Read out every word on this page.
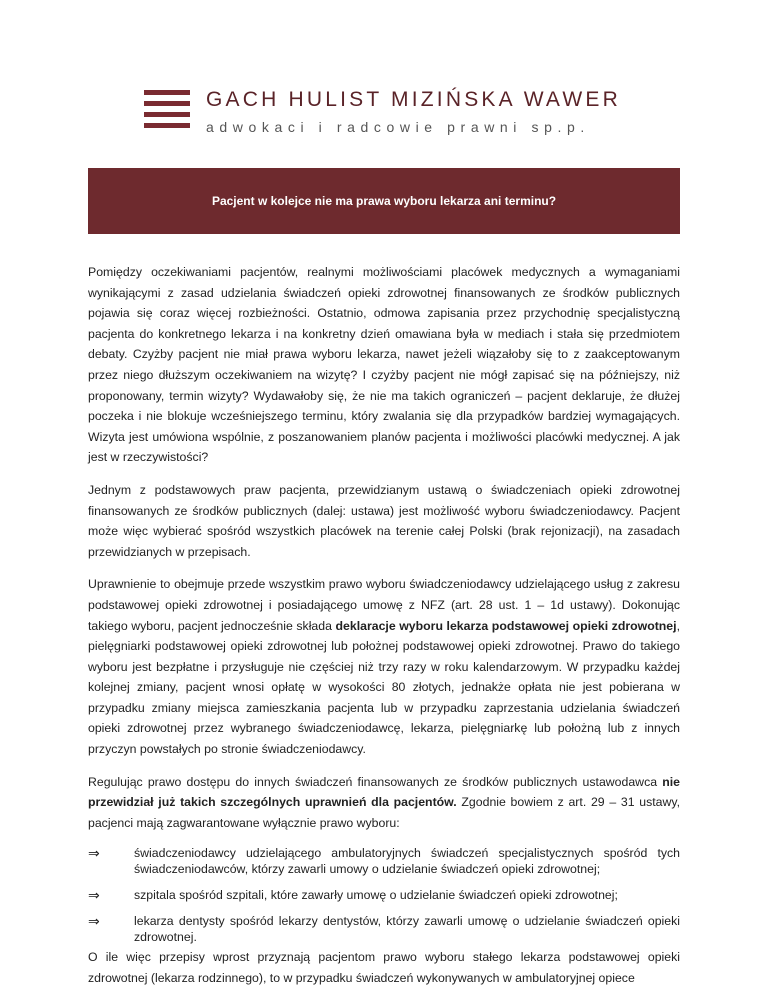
GACH HULIST MIZIŃSKA WAWER
adwokaci i radcowie prawni sp.p.
Pacjent w kolejce nie ma prawa wyboru lekarza ani terminu?

Pomiędzy oczekiwaniami pacjentów, realnymi możliwościami placówek medycznych a wymaganiami wynikającymi z zasad udzielania świadczeń opieki zdrowotnej finansowanych ze środków publicznych pojawia się coraz więcej rozbieżności. Ostatnio, odmowa zapisania przez przychodnię specjalistyczną pacjenta do konkretnego lekarza i na konkretny dzień omawiana była w mediach i stała się przedmiotem debaty. Czyżby pacjent nie miał prawa wyboru lekarza, nawet jeżeli wiązałoby się to z zaakceptowanym przez niego dłuższym oczekiwaniem na wizytę? I czyżby pacjent nie mógł zapisać się na późniejszy, niż proponowany, termin wizyty? Wydawałoby się, że nie ma takich ograniczeń – pacjent deklaruje, że dłużej poczeka i nie blokuje wcześniejszego terminu, który zwalania się dla przypadków bardziej wymagających. Wizyta jest umówiona wspólnie, z poszanowaniem planów pacjenta i możliwości placówki medycznej. A jak jest w rzeczywistości?

Jednym z podstawowych praw pacjenta, przewidzianym ustawą o świadczeniach opieki zdrowotnej finansowanych ze środków publicznych (dalej: ustawa) jest możliwość wyboru świadczeniodawcy. Pacjent może więc wybierać spośród wszystkich placówek na terenie całej Polski (brak rejonizacji), na zasadach przewidzianych w przepisach.

Uprawnienie to obejmuje przede wszystkim prawo wyboru świadczeniodawcy udzielającego usług z zakresu podstawowej opieki zdrowotnej i posiadającego umowę z NFZ (art. 28 ust. 1 – 1d ustawy). Dokonując takiego wyboru, pacjent jednocześnie składa deklaracje wyboru lekarza podstawowej opieki zdrowotnej, pielęgniarki podstawowej opieki zdrowotnej lub położnej podstawowej opieki zdrowotnej. Prawo do takiego wyboru jest bezpłatne i przysługuje nie częściej niż trzy razy w roku kalendarzowym. W przypadku każdej kolejnej zmiany, pacjent wnosi opłatę w wysokości 80 złotych, jednakże opłata nie jest pobierana w przypadku zmiany miejsca zamieszkania pacjenta lub w przypadku zaprzestania udzielania świadczeń opieki zdrowotnej przez wybranego świadczeniodawcę, lekarza, pielęgniarkę lub położną lub z innych przyczyn powstałych po stronie świadczeniodawcy.

Regulując prawo dostępu do innych świadczeń finansowanych ze środków publicznych ustawodawca nie przewidział już takich szczególnych uprawnień dla pacjentów. Zgodnie bowiem z art. 29 – 31 ustawy, pacjenci mają zagwarantowane wyłącznie prawo wyboru:

⇒	świadczeniodawcy udzielającego ambulatoryjnych świadczeń specjalistycznych spośród tych świadczeniodawców, którzy zawarli umowy o udzielanie świadczeń opieki zdrowotnej;
⇒	szpitala spośród szpitali, które zawarły umowę o udzielanie świadczeń opieki zdrowotnej;
⇒	lekarza dentysty spośród lekarzy dentystów, którzy zawarli umowę o udzielanie świadczeń opieki zdrowotnej.

O ile więc przepisy wprost przyznają pacjentom prawo wyboru stałego lekarza podstawowej opieki zdrowotnej (lekarza rodzinnego), to w przypadku świadczeń wykonywanych w ambulatoryjnej opiece
